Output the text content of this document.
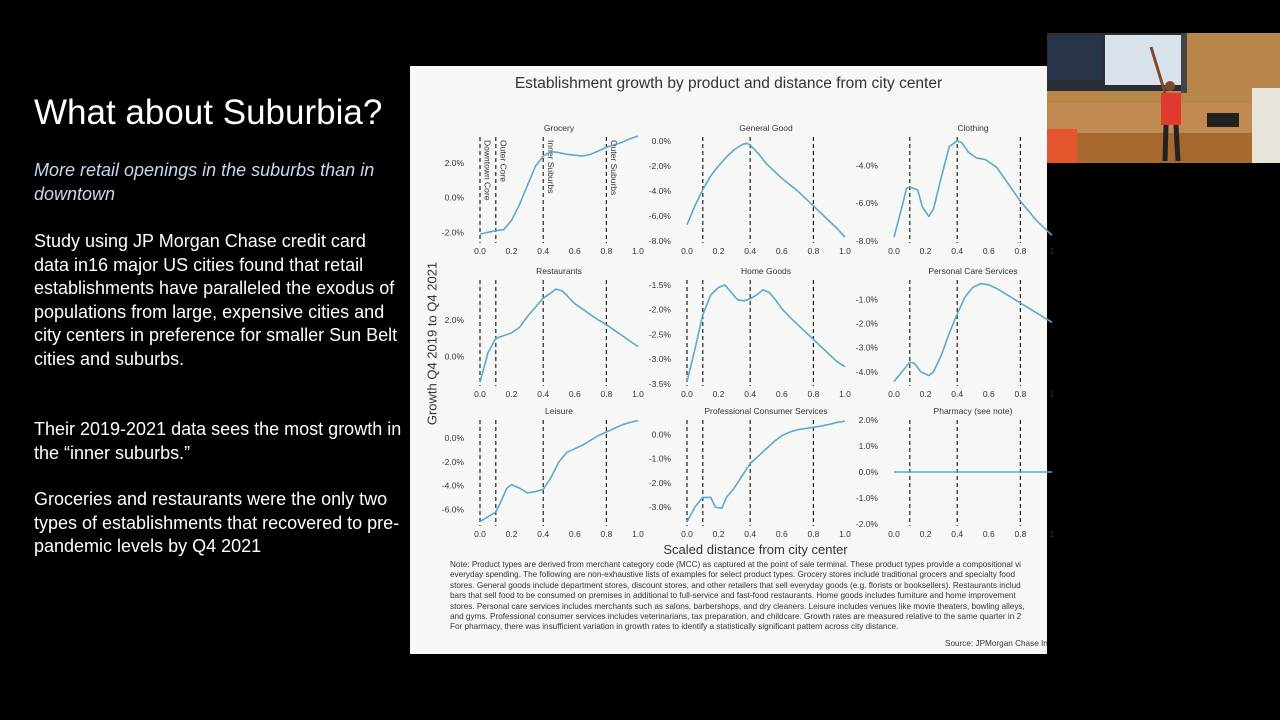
What about Suburbia?
More retail openings in the suburbs than in downtown
Study using JP Morgan Chase credit card data in16 major US cities found that retail establishments have paralleled the exodus of populations from large, expensive cities and city centers in preference for smaller Sun Belt cities and suburbs.
Their 2019-2021 data sees the most growth in the “inner suburbs.”
Groceries and restaurants were the only two types of establishments that recovered to pre-pandemic levels by Q4 2021
Establishment growth by product and distance from city center
Growth Q4 2019 to Q4 2021
Grocery
Downtown Core Outer Core	Inner Suburbs	Outer Suburbs
2.0%
0.0%
-2.0%
0.0 0.2 0.4 0.6 0.8 1.0
General Good
0.0%
-2.0%
-4.0%
-6.0%
-8.0%
0.0 0.2 0.4 0.6 0.8 1.0
Clothing
-4.0%
-6.0%
-8.0%
0.0 0.2 0.4 0.6 0.8	1
Restaurants
2.0%
0.0%
0.0 0.2 0.4 0.6 0.8 1.0
Home Goods
-1.5%
-2.0%
-2.5%
-3.0%
-3.5%
0.0 0.2 0.4 0.6 0.8 1.0
Personal Care Services
-1.0%
-2.0%
-3.0%
-4.0%
0.0 0.2 0.4 0.6 0.8	1
Leisure
0.0%
-2.0%
-4.0%
-6.0%
0.0 0.2 0.4 0.6 0.8 1.0
Professional Consumer Services
0.0%
-1.0%
-2.0%
-3.0%
0.0 0.2 0.4 0.6 0.8 1.0
Pharmacy (see note)
2.0%
1.0%
0.0%
-1.0%
-2.0%
0.0 0.2 0.4 0.6 0.8	1
Scaled distance from city center
Note: Product types are derived from merchant category code (MCC) as captured at the point of sale terminal. These product types provide a compositional vi
everyday spending. The following are non-exhaustive lists of examples for select product types. Grocery stores include traditional grocers and specialty food
stores. General goods include department stores, discount stores, and other retailers that sell everyday goods (e.g. florists or booksellers). Restaurants includ
bars that sell food to be consumed on premises in additional to full-service and fast-food restaurants. Home goods includes furniture and home improvement
stores. Personal care services includes merchants such as salons, barbershops, and dry cleaners. Leisure includes venues like movie theaters, bowling alleys,
and gyms. Professional consumer services includes veterinarians, tax preparation, and childcare. Growth rates are measured relative to the same quarter in 2
For pharmacy, there was insufficient variation in growth rates to identify a statistically significant pattern across city distance.
Source: JPMorgan Chase In
